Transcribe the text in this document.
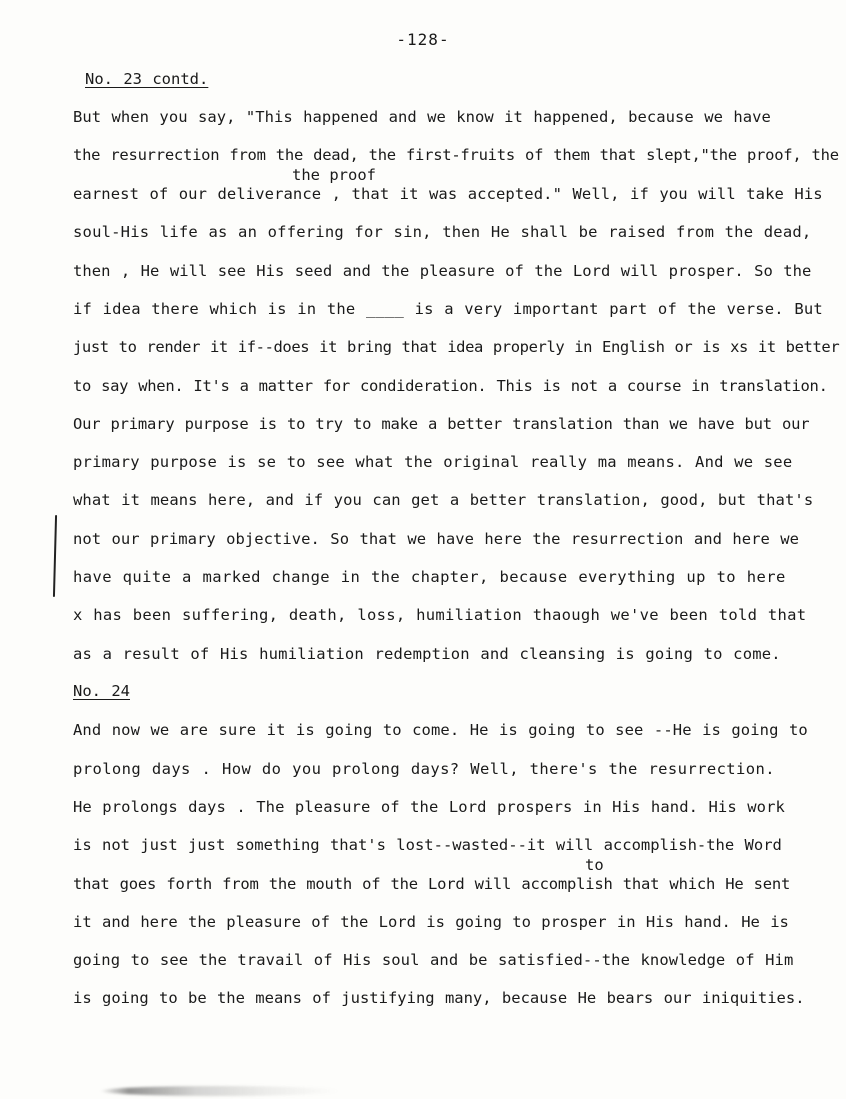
-128-
No. 23 contd.
But when you say, "This happened and we know it happened, because we have
the resurrection from the dead, the first-fruits of them that slept,"the proof, the
the proof
earnest of our deliverance , that it was accepted." Well, if you will take His
soul-His life as an offering for sin, then He shall be raised from the dead,
then , He will see His seed and the pleasure of the Lord will prosper. So the
if idea there which is in the ____ is a very important part of the verse. But
just to render it if--does it bring that idea properly in English or is xs it better
to say when. It's a matter for condideration. This is not a course in translation.
Our primary purpose is to try to make a better translation than we have but our
primary purpose is se to see what the original really ma means. And we see
what it means here, and if you can get a better translation, good, but that's
not our primary objective. So that we have here the resurrection and here we
have quite a marked change in the chapter, because everything up to here
x has been suffering, death, loss, humiliation thaough we've been told that
as a result of His humiliation redemption and cleansing is going to come.
No. 24
And now we are sure it is going to come. He is going to see --He is going to
prolong days . How do you prolong days? Well, there's the resurrection.
He prolongs days . The pleasure of the Lord prospers in His hand. His work
is not just just something that's lost--wasted--it will accomplish-the Word
to
that goes forth from the mouth of the Lord will accomplish that which He sent
it and here the pleasure of the Lord is going to prosper in His hand. He is
going to see the travail of His soul and be satisfied--the knowledge of Him
is going to be the means of justifying many, because He bears our iniquities.
